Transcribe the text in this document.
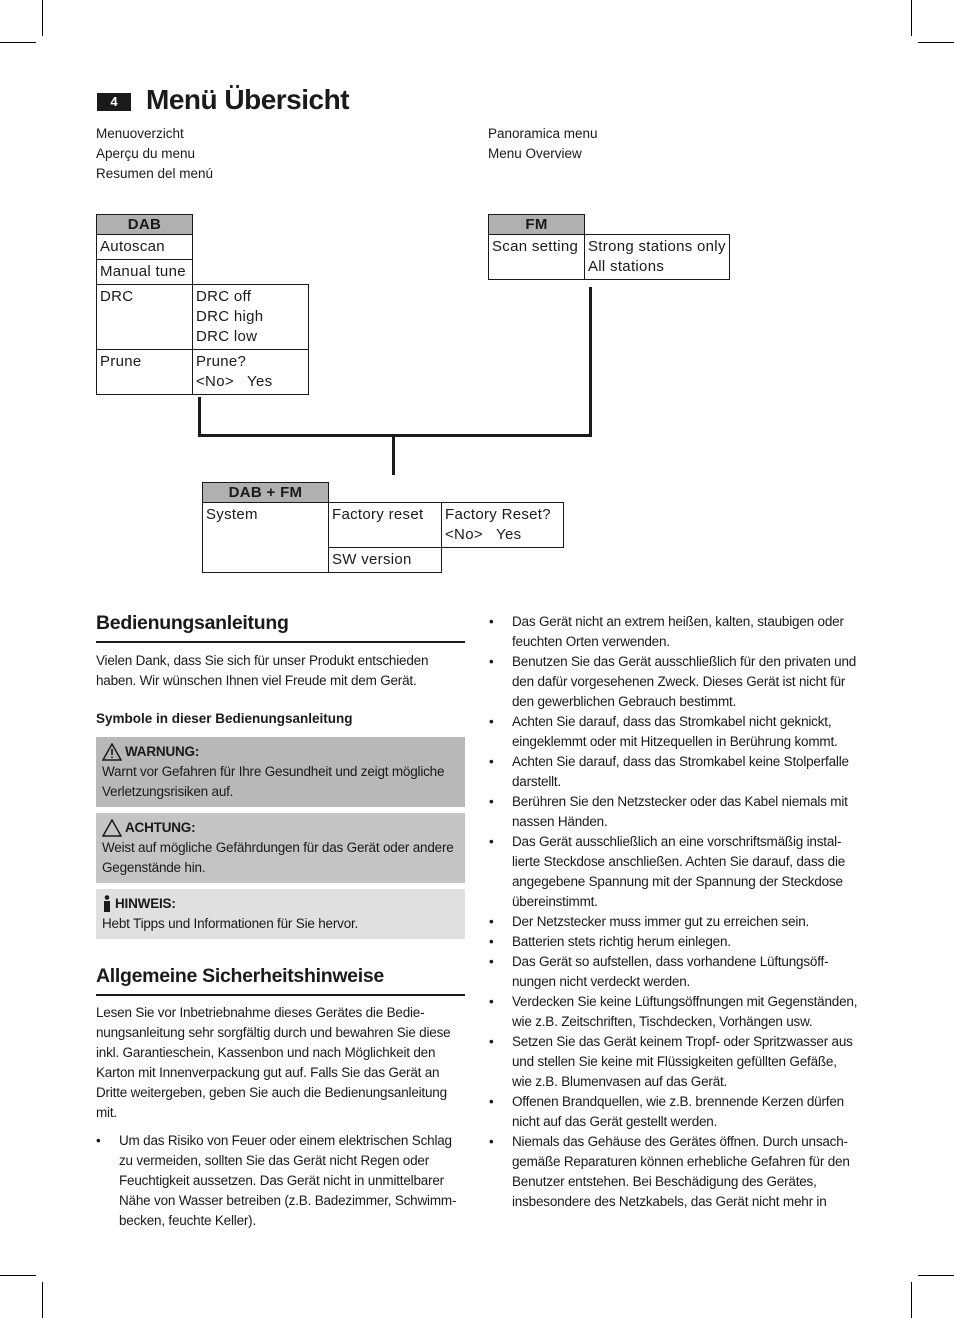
4	Menü Übersicht
Menuoverzicht
Aperçu du menu
Resumen del menú
Panoramica menu
Menu Overview
DAB	
Autoscan	
Manual tune	
DRC	DRC off
DRC high
DRC low

Prune	Prune?
<No>   Yes
FM	
Scan setting	Strong stations only
All stations
DAB + FM		
System	Factory reset	Factory Reset?
<No>   Yes

	SW version	
Bedienungsanleitung
Vielen Dank, dass Sie sich für unser Produkt entschieden haben. Wir wünschen Ihnen viel Freude mit dem Gerät.
Symbole in dieser Bedienungsanleitung
WARNUNG:
Warnt vor Gefahren für Ihre Gesundheit und zeigt mögliche Verletzungsrisiken auf.
ACHTUNG:
Weist auf mögliche Gefährdungen für das Gerät oder andere Gegenstände hin.
HINWEIS:
Hebt Tipps und Informationen für Sie hervor.
Allgemeine Sicherheitshinweise
Lesen Sie vor Inbetriebnahme dieses Gerätes die Bedienungsanleitung sehr sorgfältig durch und bewahren Sie diese inkl. Garantieschein, Kassenbon und nach Möglichkeit den Karton mit Innenverpackung gut auf. Falls Sie das Gerät an Dritte weitergeben, geben Sie auch die Bedienungsanleitung mit.
• Um das Risiko von Feuer oder einem elektrischen Schlag zu vermeiden, sollten Sie das Gerät nicht Regen oder Feuchtigkeit aussetzen. Das Gerät nicht in unmittelbarer Nähe von Wasser betreiben (z.B. Badezimmer, Schwimmbecken, feuchte Keller).
• Das Gerät nicht an extrem heißen, kalten, staubigen oder feuchten Orten verwenden.
• Benutzen Sie das Gerät ausschließlich für den privaten und den dafür vorgesehenen Zweck. Dieses Gerät ist nicht für den gewerblichen Gebrauch bestimmt.
• Achten Sie darauf, dass das Stromkabel nicht geknickt, eingeklemmt oder mit Hitzequellen in Berührung kommt.
• Achten Sie darauf, dass das Stromkabel keine Stolperfalle darstellt.
• Berühren Sie den Netzstecker oder das Kabel niemals mit nassen Händen.
• Das Gerät ausschließlich an eine vorschriftsmäßig installierte Steckdose anschließen. Achten Sie darauf, dass die angegebene Spannung mit der Spannung der Steckdose übereinstimmt.
• Der Netzstecker muss immer gut zu erreichen sein.
• Batterien stets richtig herum einlegen.
• Das Gerät so aufstellen, dass vorhandene Lüftungsöffnungen nicht verdeckt werden.
• Verdecken Sie keine Lüftungsöffnungen mit Gegenständen, wie z.B. Zeitschriften, Tischdecken, Vorhängen usw.
• Setzen Sie das Gerät keinem Tropf- oder Spritzwasser aus und stellen Sie keine mit Flüssigkeiten gefüllten Gefäße, wie z.B. Blumenvasen auf das Gerät.
• Offenen Brandquellen, wie z.B. brennende Kerzen dürfen nicht auf das Gerät gestellt werden.
• Niemals das Gehäuse des Gerätes öffnen. Durch unsachgemäße Reparaturen können erhebliche Gefahren für den Benutzer entstehen. Bei Beschädigung des Gerätes, insbesondere des Netzkabels, das Gerät nicht mehr in
